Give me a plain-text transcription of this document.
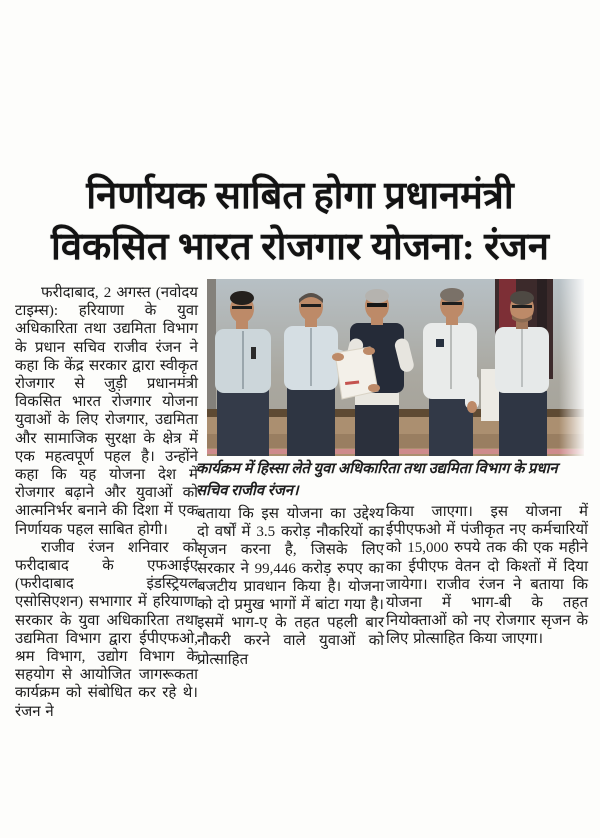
निर्णायक साबित होगा प्रधानमंत्री
विकसित भारत रोजगार योजना: रंजन

फरीदाबाद, 2 अगस्त (नवोदय टाइम्स): हरियाणा के युवा अधिकारिता तथा उद्यमिता विभाग के प्रधान सचिव राजीव रंजन ने कहा कि केंद्र सरकार द्वारा स्वीकृत रोजगार से जुड़ी प्रधानमंत्री विकसित भारत रोजगार योजना युवाओं के लिए रोजगार, उद्यमिता और सामाजिक सुरक्षा के क्षेत्र में एक महत्वपूर्ण पहल है। उन्होंने कहा कि यह योजना देश में रोजगार बढ़ाने और युवाओं को आत्मनिर्भर बनाने की दिशा में एक निर्णायक पहल साबित होगी।

राजीव रंजन शनिवार को फरीदाबाद के एफआईए (फरीदाबाद इंडस्ट्रियल एसोसिएशन) सभागार में हरियाणा सरकार के युवा अधिकारिता तथा उद्यमिता विभाग द्वारा ईपीएफओ, श्रम विभाग, उद्योग विभाग के सहयोग से आयोजित जागरूकता कार्यक्रम को संबोधित कर रहे थे। रंजन ने

कार्यक्रम में हिस्सा लेते युवा अधिकारिता तथा उद्यमिता विभाग के प्रधान सचिव राजीव रंजन।

बताया कि इस योजना का उद्देश्य दो वर्षों में 3.5 करोड़ नौकरियों का सृजन करना है, जिसके लिए सरकार ने 99,446 करोड़ रुपए का बजटीय प्रावधान किया है। योजना को दो प्रमुख भागों में बांटा गया है। इसमें भाग-ए के तहत पहली बार नौकरी करने वाले युवाओं को प्रोत्साहित

किया जाएगा। इस योजना में ईपीएफओ में पंजीकृत नए कर्मचारियों को 15,000 रुपये तक की एक महीने का ईपीएफ वेतन दो किश्तों में दिया जायेगा। राजीव रंजन ने बताया कि योजना में भाग-बी के तहत नियोक्ताओं को नए रोजगार सृजन के लिए प्रोत्साहित किया जाएगा।
